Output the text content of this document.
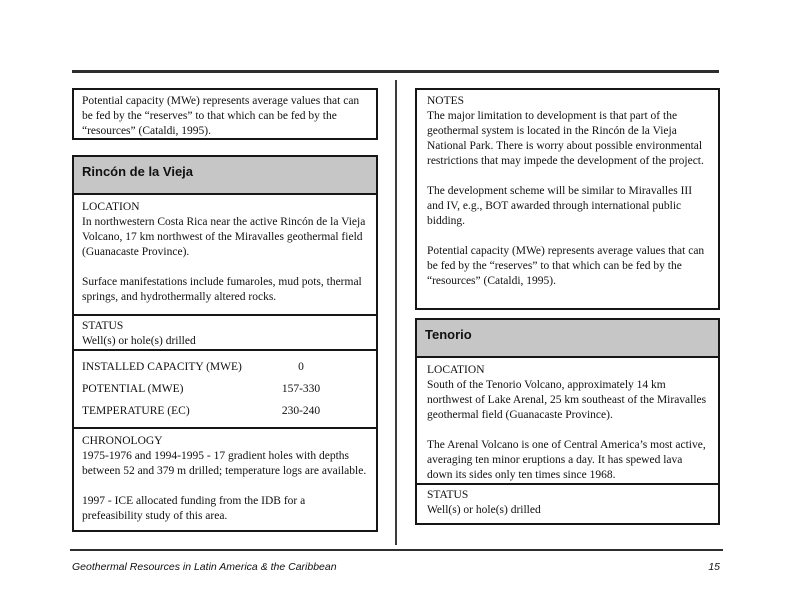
Potential capacity (MWe) represents average values that can be fed by the “reserves” to that which can be fed by the “resources” (Cataldi, 1995).

Rincón de la Vieja
LOCATION

In northwestern Costa Rica near the active Rincón de la Vieja Volcano, 17 km northwest of the Miravalles geothermal field (Guanacaste Province).

Surface manifestations include fumaroles, mud pots, thermal springs, and hydrothermally altered rocks.

STATUS
Well(s) or hole(s) drilled
INSTALLED CAPACITY (MWE)	0
POTENTIAL (MWE)	157-330
TEMPERATURE (EC)	230-240
CHRONOLOGY

1975-1976 and 1994-1995 - 17 gradient holes with depths between 52 and 379 m drilled; temperature logs are available.

1997 - ICE allocated funding from the IDB for a prefeasibility study of this area.

NOTES

The major limitation to development is that part of the geothermal system is located in the Rincón de la Vieja National Park. There is worry about possible environmental restrictions that may impede the development of the project.

The development scheme will be similar to Miravalles III and IV, e.g., BOT awarded through international public bidding.

Potential capacity (MWe) represents average values that can be fed by the “reserves” to that which can be fed by the “resources” (Cataldi, 1995).

Tenorio
LOCATION

South of the Tenorio Volcano, approximately 14 km northwest of Lake Arenal, 25 km southeast of the Miravalles geothermal field (Guanacaste Province).

The Arenal Volcano is one of Central America’s most active, averaging ten minor eruptions a day. It has spewed lava down its sides only ten times since 1968.

STATUS
Well(s) or hole(s) drilled
Geothermal Resources in Latin America & the Caribbean	15
